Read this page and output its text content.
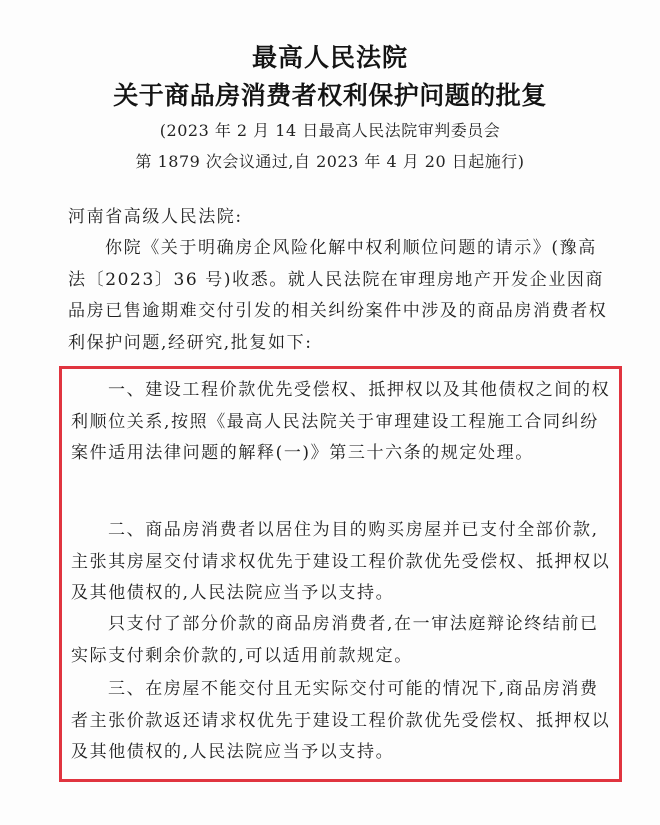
最高人民法院
关于商品房消费者权利保护问题的批复
(2023 年 2 月 14 日最高人民法院审判委员会
第 1879 次会议通过,自 2023 年 4 月 20 日起施行)
河南省高级人民法院:
你院《关于明确房企风险化解中权利顺位问题的请示》(豫高法〔2023〕36 号)收悉。就人民法院在审理房地产开发企业因商品房已售逾期难交付引发的相关纠纷案件中涉及的商品房消费者权利保护问题,经研究,批复如下:
一、建设工程价款优先受偿权、抵押权以及其他债权之间的权利顺位关系,按照《最高人民法院关于审理建设工程施工合同纠纷案件适用法律问题的解释(一)》第三十六条的规定处理。
二、商品房消费者以居住为目的购买房屋并已支付全部价款,主张其房屋交付请求权优先于建设工程价款优先受偿权、抵押权以及其他债权的,人民法院应当予以支持。
只支付了部分价款的商品房消费者,在一审法庭辩论终结前已实际支付剩余价款的,可以适用前款规定。
三、在房屋不能交付且无实际交付可能的情况下,商品房消费者主张价款返还请求权优先于建设工程价款优先受偿权、抵押权以及其他债权的,人民法院应当予以支持。
